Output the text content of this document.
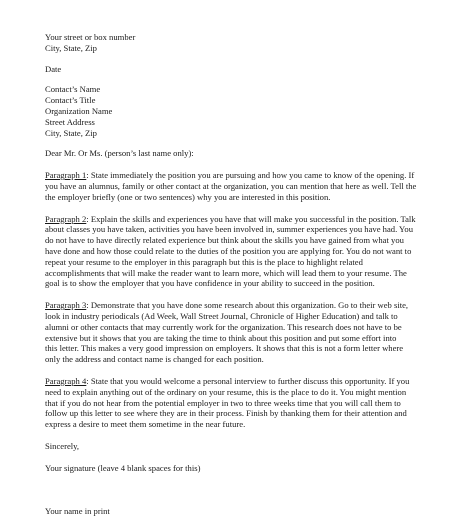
Your street or box number
City, State, Zip
Date
Contact’s Name
Contact’s Title
Organization Name
Street Address
City, State, Zip
Dear Mr. Or Ms. (person’s last name only):
Paragraph 1: State immediately the position you are pursuing and how you came to know of the opening. If
you have an alumnus, family or other contact at the organization, you can mention that here as well. Tell the
the employer briefly (one or two sentences) why you are interested in this position.
Paragraph 2: Explain the skills and experiences you have that will make you successful in the position. Talk
about classes you have taken, activities you have been involved in, summer experiences you have had. You
do not have to have directly related experience but think about the skills you have gained from what you
have done and how those could relate to the duties of the position you are applying for. You do not want to
repeat your resume to the employer in this paragraph but this is the place to highlight related
accomplishments that will make the reader want to learn more, which will lead them to your resume. The
goal is to show the employer that you have confidence in your ability to succeed in the position.
Paragraph 3: Demonstrate that you have done some research about this organization. Go to their web site,
look in industry periodicals (Ad Week, Wall Street Journal, Chronicle of Higher Education) and talk to
alumni or other contacts that may currently work for the organization. This research does not have to be
extensive but it shows that you are taking the time to think about this position and put some effort into
this letter. This makes a very good impression on employers. It shows that this is not a form letter where
only the address and contact name is changed for each position.
Paragraph 4: State that you would welcome a personal interview to further discuss this opportunity. If you
need to explain anything out of the ordinary on your resume, this is the place to do it. You might mention
that if you do not hear from the potential employer in two to three weeks time that you will call them to
follow up this letter to see where they are in their process. Finish by thanking them for their attention and
express a desire to meet them sometime in the near future.
Sincerely,
Your signature (leave 4 blank spaces for this)
Your name in print
